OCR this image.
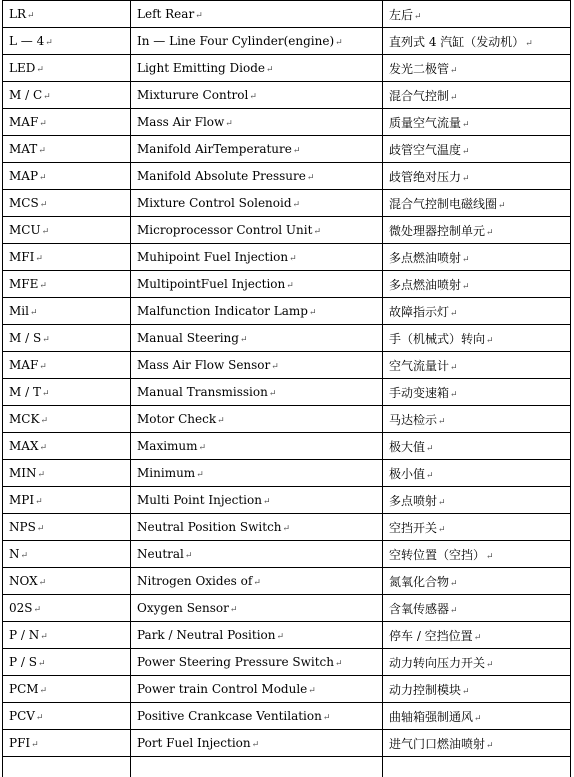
LR↵	Left Rear↵	左后↵
L — 4↵	In — Line Four Cylinder(engine)↵	直列式 4 汽缸（发动机）↵
LED↵	Light Emitting Diode↵	发光二极管↵
M / C↵	Mixturure Control↵	混合气控制↵
MAF↵	Mass Air Flow↵	质量空气流量↵
MAT↵	Manifold AirTemperature↵	歧管空气温度↵
MAP↵	Manifold Absolute Pressure↵	歧管绝对压力↵
MCS↵	Mixture Control Solenoid↵	混合气控制电磁线圈↵
MCU↵	Microprocessor Control Unit↵	微处理器控制单元↵
MFI↵	Muhipoint Fuel Injection↵	多点燃油喷射↵
MFE↵	MultipointFuel Injection↵	多点燃油喷射↵
Mil↵	Malfunction Indicator Lamp↵	故障指示灯↵
M / S↵	Manual Steering↵	手（机械式）转向↵
MAF↵	Mass Air Flow Sensor↵	空气流量计↵
M / T↵	Manual Transmission↵	手动变速箱↵
MCK↵	Motor Check↵	马达检示↵
MAX↵	Maximum↵	极大值↵
MIN↵	Minimum↵	极小值↵
MPI↵	Multi Point Injection↵	多点喷射↵
NPS↵	Neutral Position Switch↵	空挡开关↵
N↵	Neutral↵	空转位置（空挡）↵
NOX↵	Nitrogen Oxides of↵	氮氧化合物↵
02S↵	Oxygen Sensor↵	含氧传感器↵
P / N↵	Park / Neutral Position↵	停车 / 空挡位置↵
P / S↵	Power Steering Pressure Switch↵	动力转向压力开关↵
PCM↵	Power train Control Module↵	动力控制模块↵
PCV↵	Positive Crankcase Ventilation↵	曲轴箱强制通风↵
PFI↵	Port Fuel Injection↵	进气门口燃油喷射↵
